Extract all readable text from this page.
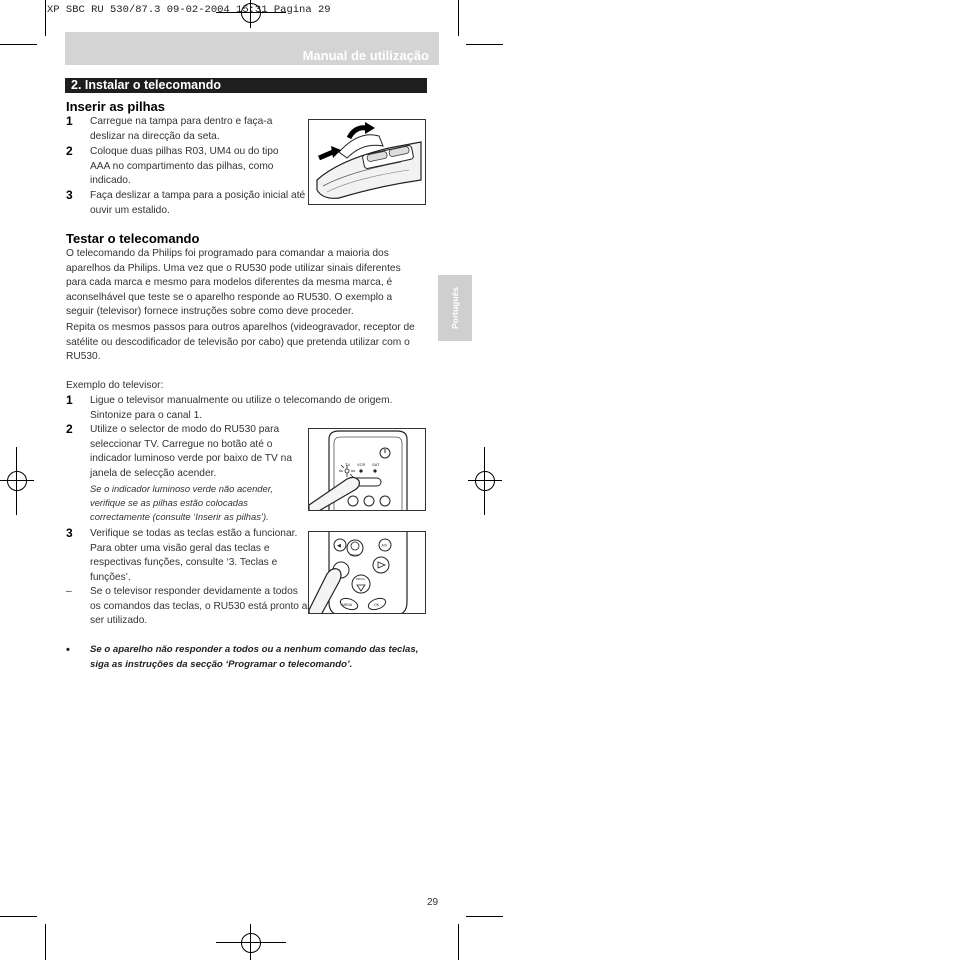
XP SBC RU 530/87.3 09-02-2004 15:31 Pagina 29
Manual de utilização
2. Instalar o telecomando
Português
Inserir as pilhas
1 Carregue na tampa para dentro e faça-a deslizar na direcção da seta.
2 Coloque duas pilhas R03, UM4 ou do tipo AAA no compartimento das pilhas, como indicado.
3 Faça deslizar a tampa para a posição inicial até ouvir um estalido.
Testar o telecomando
O telecomando da Philips foi programado para comandar a maioria dos aparelhos da Philips. Uma vez que o RU530 pode utilizar sinais diferentes para cada marca e mesmo para modelos diferentes da mesma marca, é aconselhável que teste se o aparelho responde ao RU530. O exemplo a seguir (televisor) fornece instruções sobre como deve proceder.
Repita os mesmos passos para outros aparelhos (videogravador, receptor de satélite ou descodificador de televisão por cabo) que pretenda utilizar com o RU530.
Exemplo do televisor:
1 Ligue o televisor manualmente ou utilize o telecomando de origem. Sintonize para o canal 1.
2 Utilize o selector de modo do RU530 para seleccionar TV. Carregue no botão até o indicador luminoso verde por baixo de TV na janela de selecção acender.
Se o indicador luminoso verde não acender, verifique se as pilhas estão colocadas correctamente (consulte ‘Inserir as pilhas’).
3 Verifique se todas as teclas estão a funcionar. Para obter uma visão geral das teclas e respectivas funções, consulte ‘3. Teclas e funções’.
– Se o televisor responder devidamente a todos os comandos das teclas, o RU530 está pronto a ser utilizado.
• Se o aparelho não responder a todos ou a nenhum comando das teclas, siga as instruções da secção ‘Programar o telecomando’.
TV VCR SAT
◀	A/V
PROG
PROG
MENU	OK
29
